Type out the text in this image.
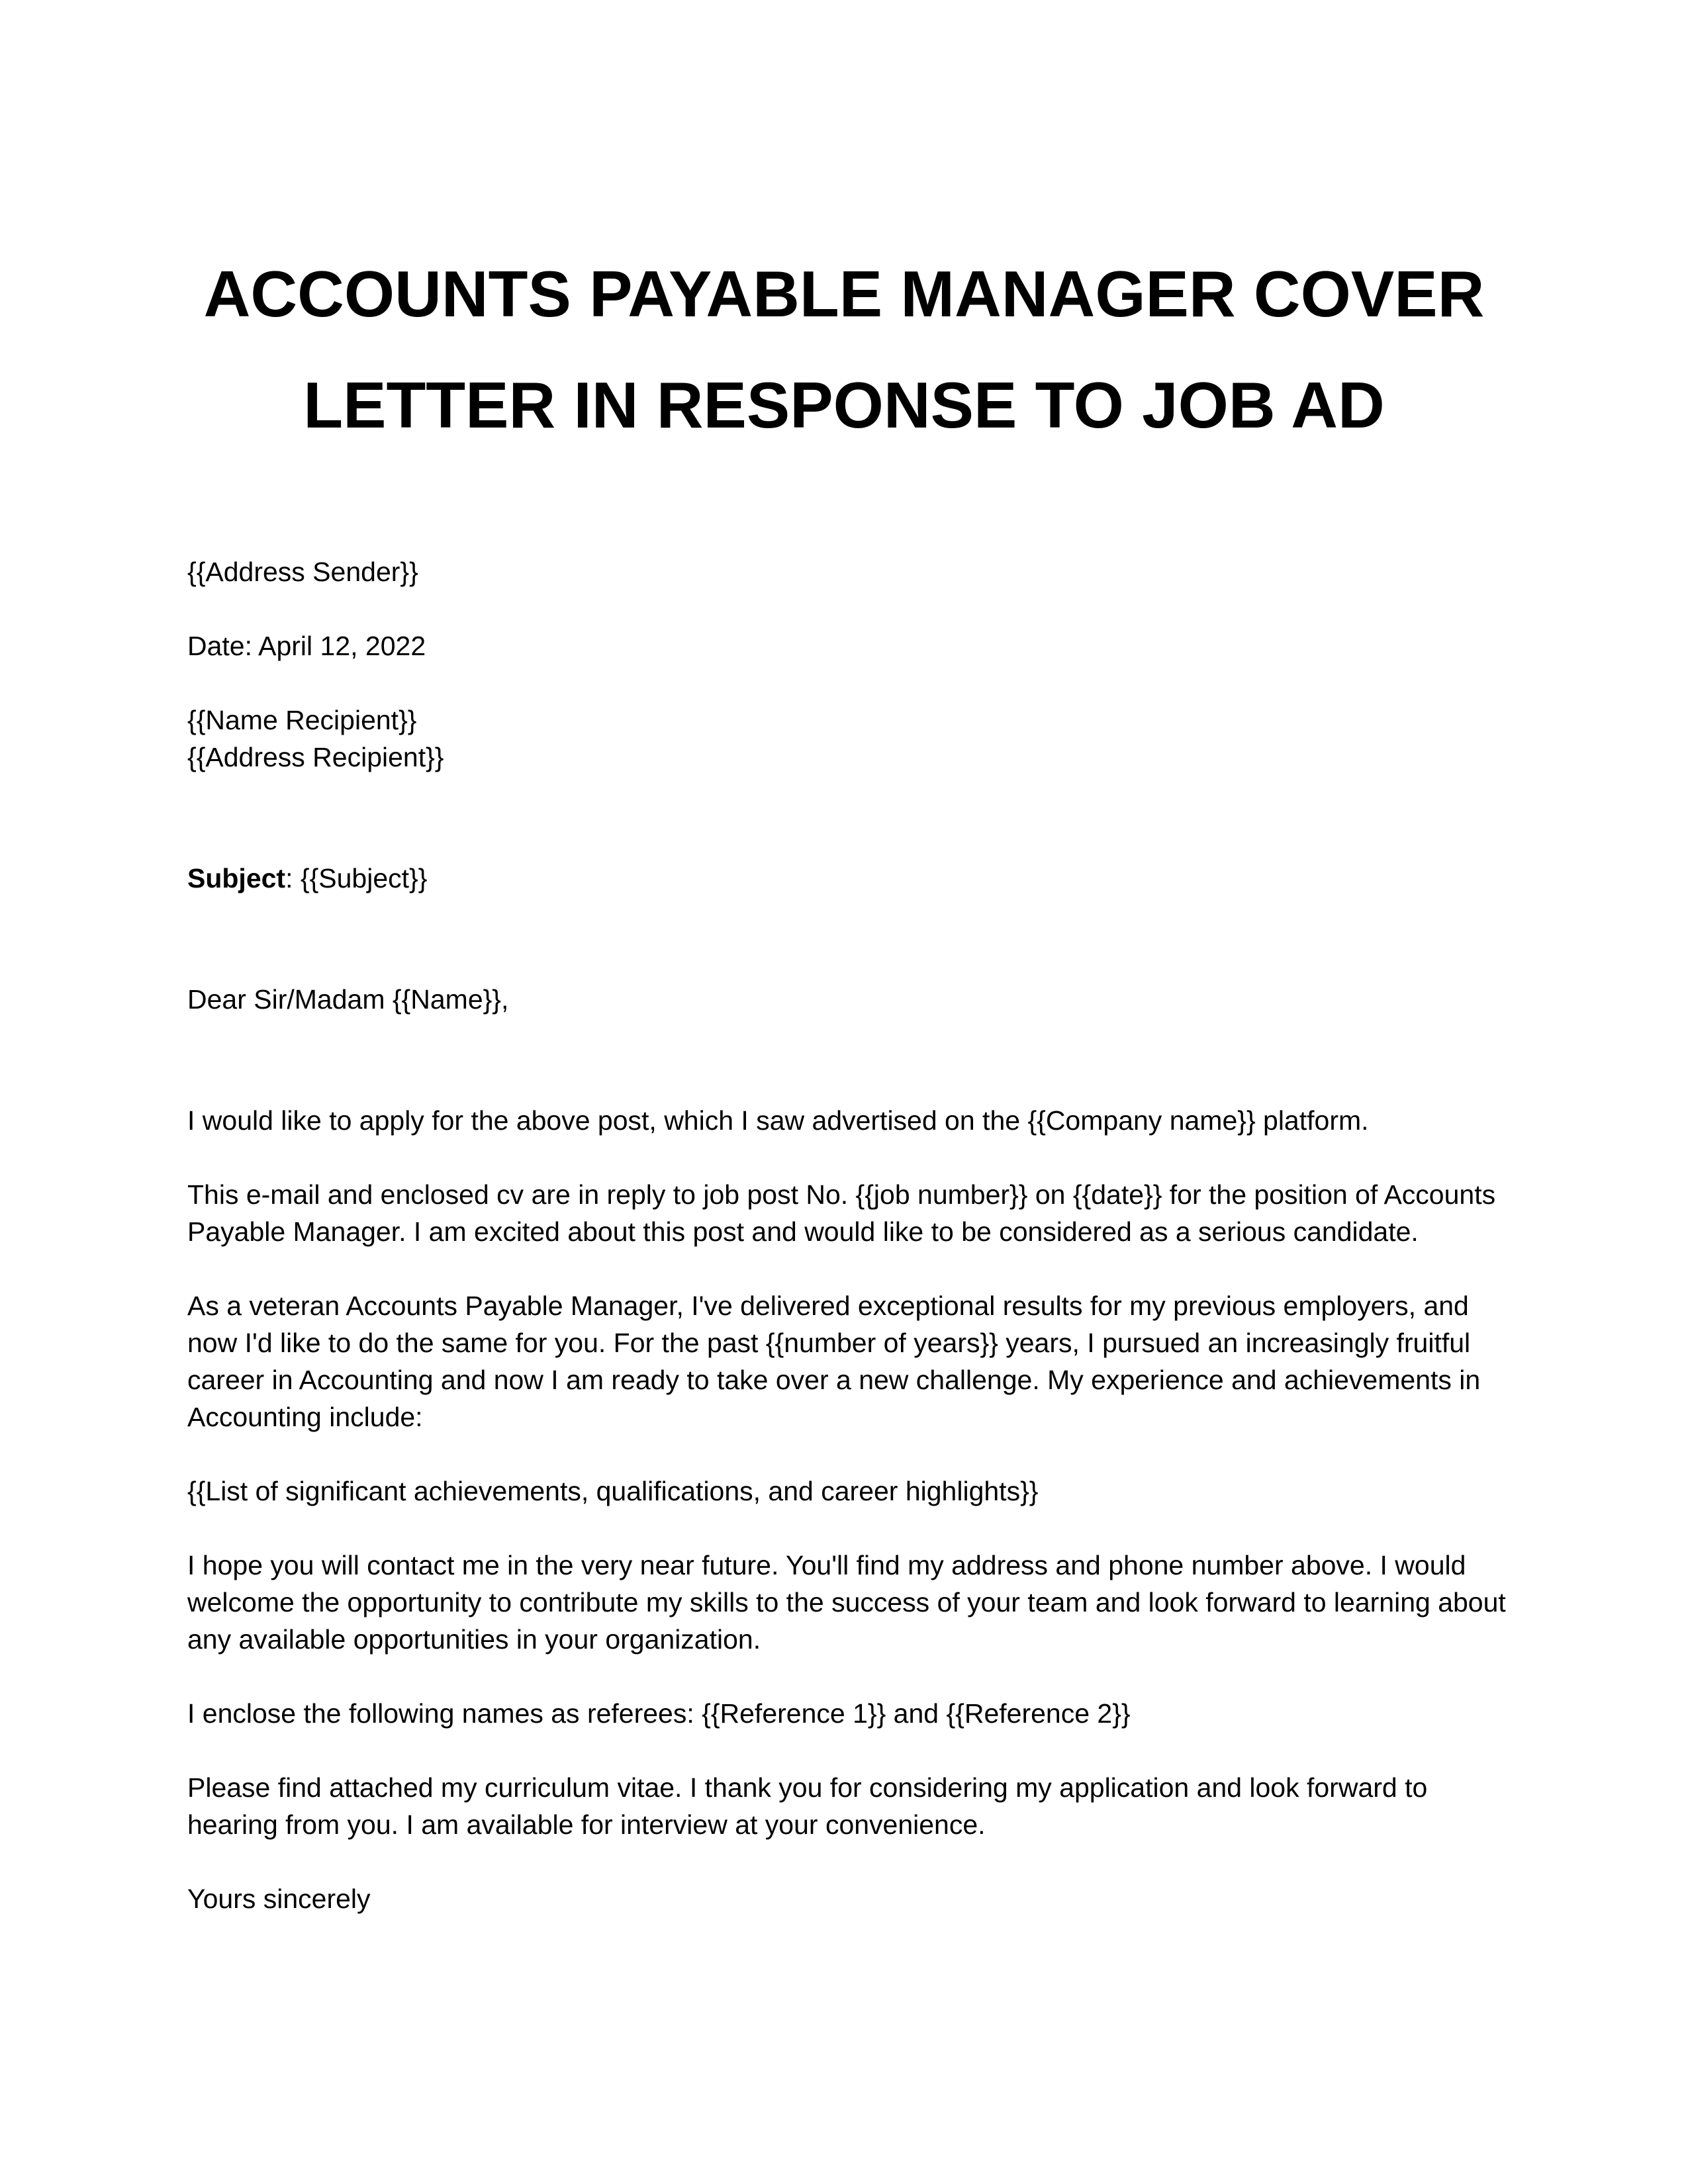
ACCOUNTS PAYABLE MANAGER COVER
LETTER IN RESPONSE TO JOB AD

{{Address Sender}}

Date: April 12, 2022

{{Name Recipient}}

{{Address Recipient}}

Subject: {{Subject}}

Dear Sir/Madam {{Name}},

I would like to apply for the above post, which I saw advertised on the {{Company name}} platform.

This e-mail and enclosed cv are in reply to job post No. {{job number}} on {{date}} for the position of Accounts Payable Manager. I am excited about this post and would like to be considered as a serious candidate.

As a veteran Accounts Payable Manager, I've delivered exceptional results for my previous employers, and now I'd like to do the same for you. For the past {{number of years}} years, I pursued an increasingly fruitful career in Accounting and now I am ready to take over a new challenge. My experience and achievements in Accounting include:

{{List of significant achievements, qualifications, and career highlights}}

I hope you will contact me in the very near future. You'll find my address and phone number above. I would welcome the opportunity to contribute my skills to the success of your team and look forward to learning about any available opportunities in your organization.

I enclose the following names as referees: {{Reference 1}} and {{Reference 2}}

Please find attached my curriculum vitae. I thank you for considering my application and look forward to hearing from you. I am available for interview at your convenience.

Yours sincerely
